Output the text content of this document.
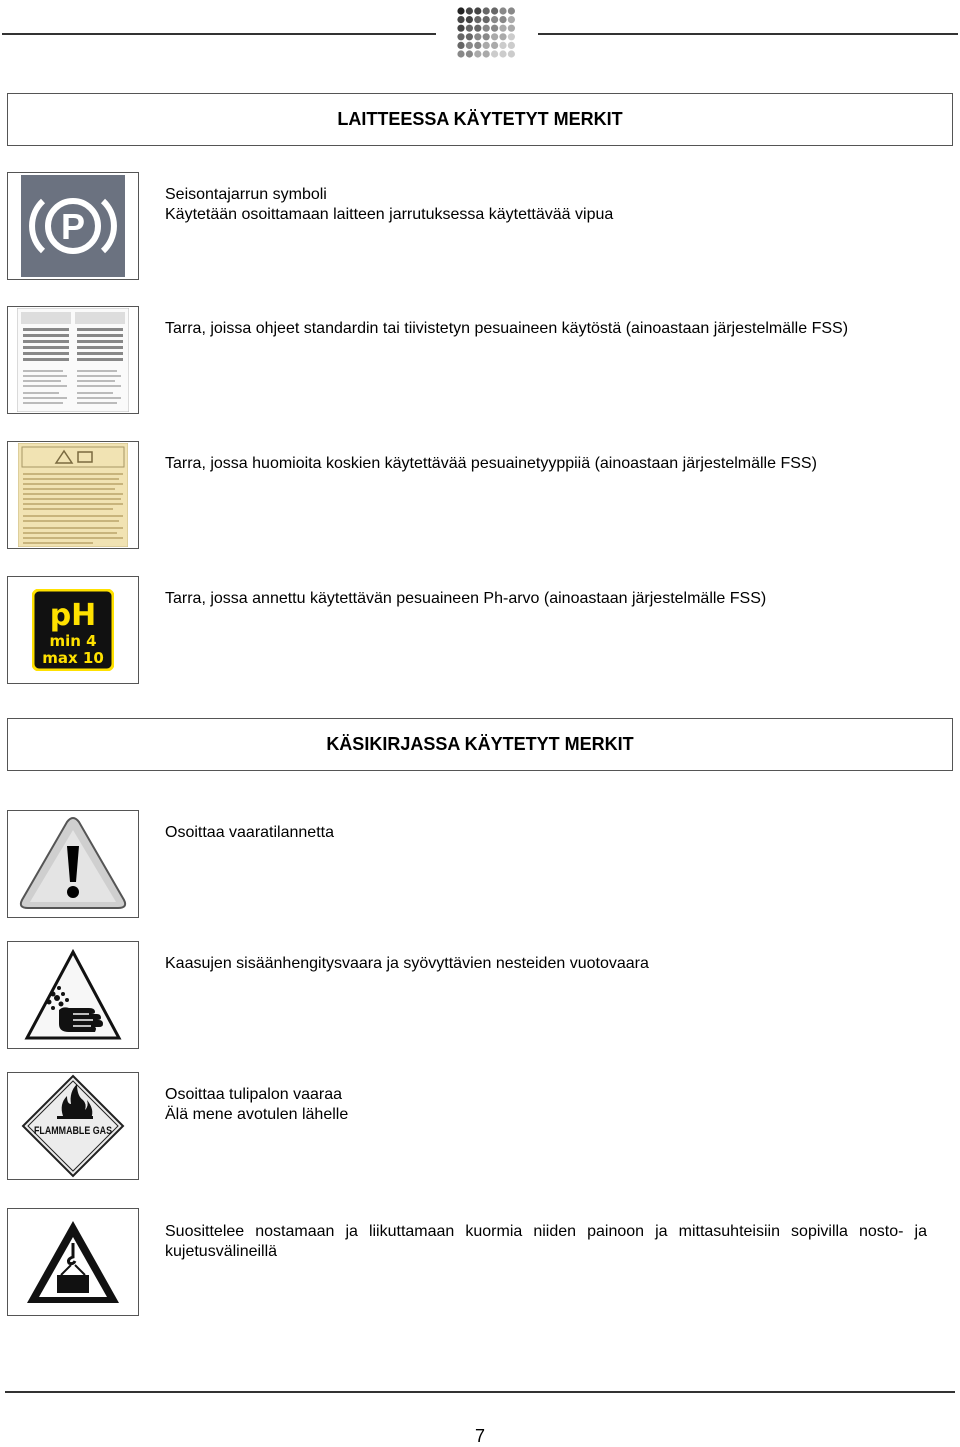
LAITTEESSA KÄYTETYT MERKIT
P
Seisontajarrun symboli
Käytetään osoittamaan laitteen jarrutuksessa käytettävää vipua
Tarra, joissa ohjeet standardin tai tiivistetyn pesuaineen käytöstä (ainoastaan järjestelmälle FSS)
Tarra, jossa huomioita koskien käytettävää pesuainetyyppiiä (ainoastaan järjestelmälle FSS)
pH
min 4
max 10
Tarra, jossa annettu käytettävän pesuaineen Ph-arvo (ainoastaan järjestelmälle FSS)
KÄSIKIRJASSA KÄYTETYT MERKIT
Osoittaa vaaratilannetta
Kaasujen sisäänhengitysvaara ja syövyttävien nesteiden vuotovaara
FLAMMABLE GAS
Osoittaa tulipalon vaaraa
Älä mene avotulen lähelle
Suosittelee nostamaan ja liikuttamaan kuormia niiden painoon ja mittasuhteisiin sopivilla nosto- ja kujetusvälineillä
7
